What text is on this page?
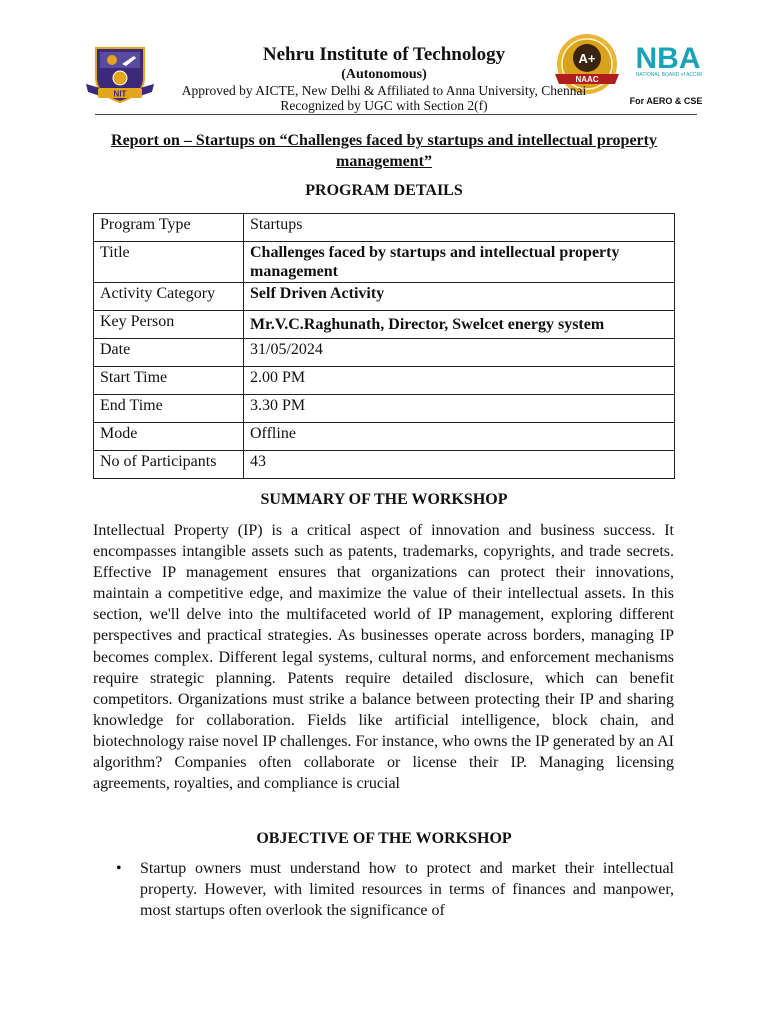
NIT
A+
NAAC
NBA
NATIONAL BOARD of ACCR
For AERO & CSE
Nehru Institute of Technology
(Autonomous)
Approved by AICTE, New Delhi & Affiliated to Anna University, Chennai
Recognized by UGC with Section 2(f)
Report on – Startups on “Challenges faced by startups and intellectual property management”
PROGRAM DETAILS
Program Type	Startups
Title	Challenges faced by startups and intellectual property management
Activity Category	Self Driven Activity
Key Person	Mr.V.C.Raghunath, Director, Swelcet energy system
Date	31/05/2024
Start Time	2.00 PM
End Time	3.30 PM
Mode	Offline
No of Participants	43
SUMMARY OF THE WORKSHOP
Intellectual Property (IP) is a critical aspect of innovation and business success. It encompasses intangible assets such as patents, trademarks, copyrights, and trade secrets. Effective IP management ensures that organizations can protect their innovations, maintain a competitive edge, and maximize the value of their intellectual assets. In this section, we'll delve into the multifaceted world of IP management, exploring different perspectives and practical strategies. As businesses operate across borders, managing IP becomes complex. Different legal systems, cultural norms, and enforcement mechanisms require strategic planning. Patents require detailed disclosure, which can benefit competitors. Organizations must strike a balance between protecting their IP and sharing knowledge for collaboration. Fields like artificial intelligence, block chain, and biotechnology raise novel IP challenges. For instance, who owns the IP generated by an AI algorithm? Companies often collaborate or license their IP. Managing licensing agreements, royalties, and compliance is crucial
OBJECTIVE OF THE WORKSHOP
• Startup owners must understand how to protect and market their intellectual property. However, with limited resources in terms of finances and manpower, most startups often overlook the significance of
